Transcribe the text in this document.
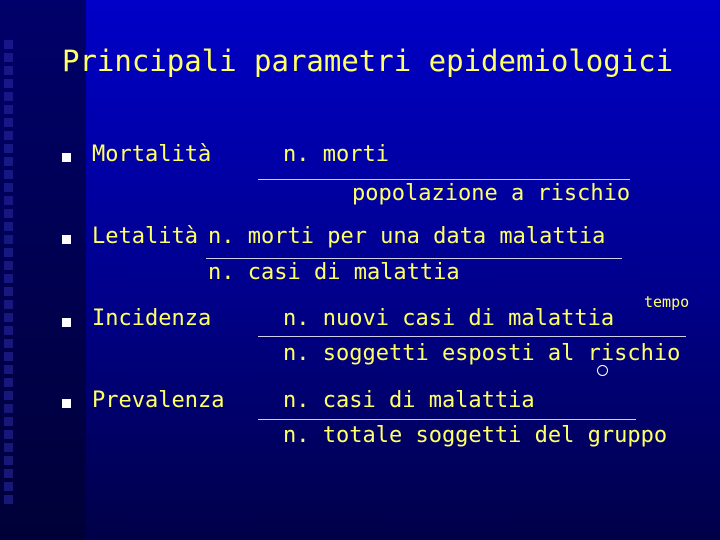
Principali parametri epidemiologici
Mortalità	n. morti
popolazione a rischio
Letalità n. morti per una data malattia
n. casi di malattia
Incidenza	n. nuovi casi di malattia
tempo
n. soggetti esposti al rischio
Prevalenza	n. casi di malattia
n. totale soggetti del gruppo
